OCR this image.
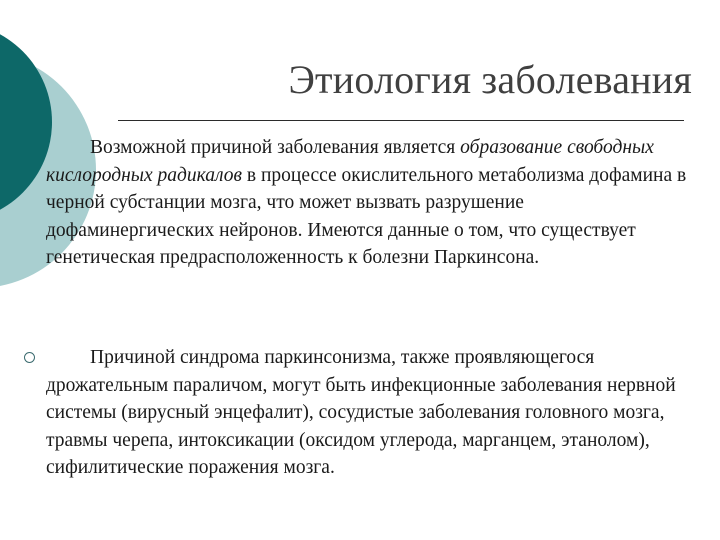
Этиология заболевания

Возможной причиной заболевания является образование свободных кислородных радикалов в процессе окислительного метаболизма дофамина в черной субстанции мозга, что может вызвать разрушение дофаминергических нейронов. Имеются данные о том, что существует генетическая предрасположенность к болезни Паркинсона.

Причиной синдрома паркинсонизма, также проявляющегося дрожательным параличом, могут быть инфекционные заболевания нервной системы (вирусный энцефалит), сосудистые заболевания головного мозга, травмы черепа, интоксикации (оксидом углерода, марганцем, этанолом), сифилитические поражения мозга.
